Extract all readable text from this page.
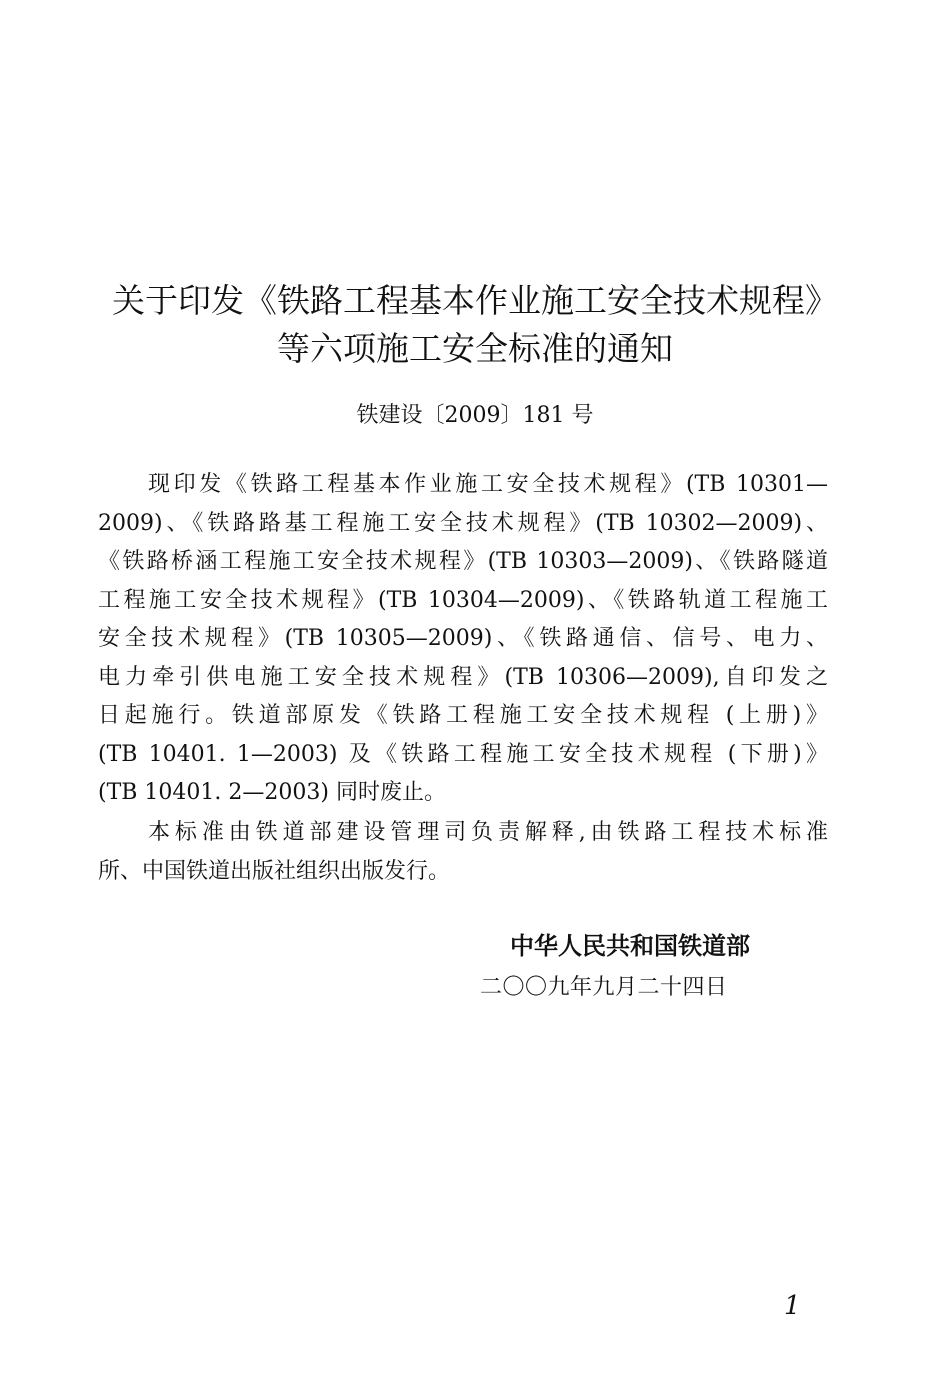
关于印发《铁路工程基本作业施工安全技术规程》
等六项施工安全标准的通知
铁建设〔2009〕181 号
现印发《铁路工程基本作业施工安全技术规程》(TB 10301—
2009)、《铁路路基工程施工安全技术规程》(TB 10302—2009)、
《铁路桥涵工程施工安全技术规程》(TB 10303—2009)、《铁路隧道
工程施工安全技术规程》(TB 10304—2009)、《铁路轨道工程施工
安全技术规程》(TB 10305—2009)、《铁路通信、信号、电力、
电力牵引供电施工安全技术规程》(TB 10306—2009),自印发之
日起施行。铁道部原发《铁路工程施工安全技术规程 (上册)》
(TB 10401. 1—2003) 及《铁路工程施工安全技术规程 (下册)》
(TB 10401. 2—2003) 同时废止。
本标准由铁道部建设管理司负责解释,由铁路工程技术标准
所、中国铁道出版社组织出版发行。
中华人民共和国铁道部
二〇〇九年九月二十四日
1
